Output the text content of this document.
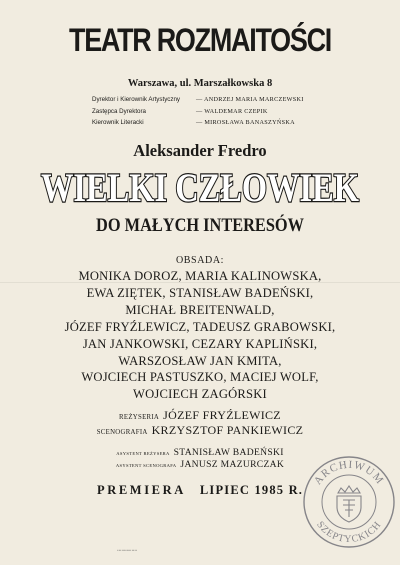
TEATR ROZMAITOŚCI
Warszawa, ul. Marszałkowska 8
Dyrektor i Kierownik Artystyczny	— ANDRZEJ MARIA MARCZEWSKI
Zastępca Dyrektora	— WALDEMAR CZEPIK
Kierownik Literacki	— MIROSŁAWA BANASZYŃSKA
Aleksander Fredro
WIELKI CZŁOWIEK
DO MAŁYCH INTERESÓW
OBSADA:
MONIKA DOROZ, MARIA KALINOWSKA,
EWA ZIĘTEK, STANISŁAW BADEŃSKI,
MICHAŁ BREITENWALD,
JÓZEF FRYŹLEWICZ, TADEUSZ GRABOWSKI,
JAN JANKOWSKI, CEZARY KAPLIŃSKI,
WARSZOSŁAW JAN KMITA,
WOJCIECH PASTUSZKO, MACIEJ WOLF,
WOJCIECH ZAGÓRSKI
REŻYSERIA JÓZEF FRYŹLEWICZ
SCENOGRAFIA KRZYSZTOF PANKIEWICZ
ASYSTENT REŻYSERA STANISŁAW BADEŃSKI
ASYSTENT SCENOGRAFA JANUSZ MAZURCZAK
PREMIERA LIPIEC 1985 R.
▪ ▪▪▪ ▪▪▪▪ ▪▪▪▪▪ ▪▪▪ ▪▪
ARCHIWUM
SZEPTYCKICH
